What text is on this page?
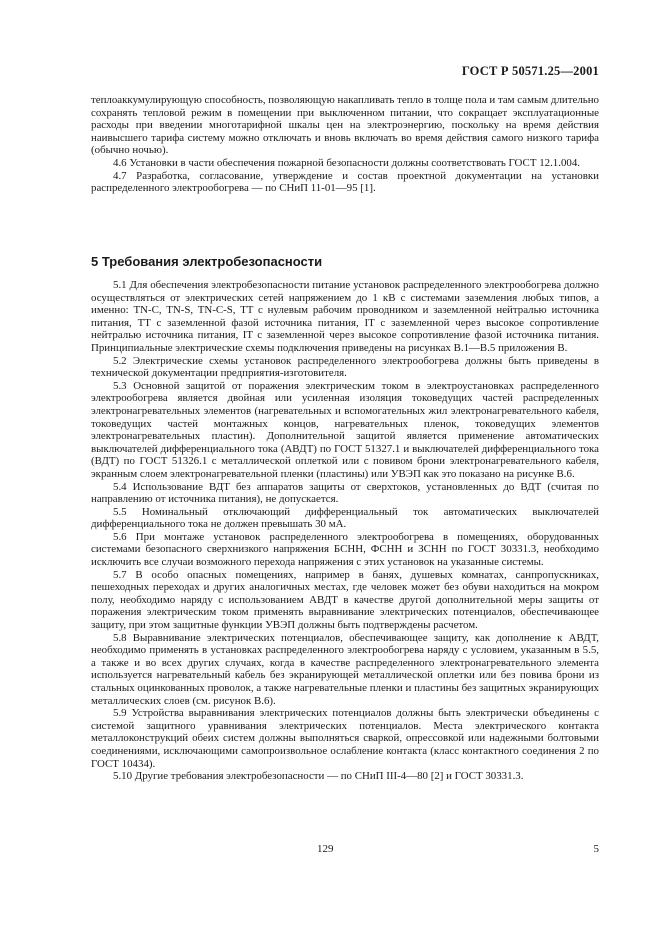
ГОСТ Р 50571.25—2001

теплоаккумулирующую способность, позволяющую накапливать тепло в толще пола и там самым длительно сохранять тепловой режим в помещении при выключенном питании, что сокращает эксплуатационные расходы при введении многотарифной шкалы цен на электроэнергию, поскольку на время действия наивысшего тарифа систему можно отключать и вновь включать во время действия самого низкого тарифа (обычно ночью).

4.6 Установки в части обеспечения пожарной безопасности должны соответствовать ГОСТ 12.1.004.

4.7 Разработка, согласование, утверждение и состав проектной документации на установки распределенного электрообогрева — по СНиП 11-01—95 [1].

5 Требования электробезопасности

5.1 Для обеспечения электробезопасности питание установок распределенного электрообогрева должно осуществляться от электрических сетей напряжением до 1 кВ с системами заземления любых типов, а именно: TN-C, TN-S, TN-C-S, TT с нулевым рабочим проводником и заземленной нейтралью источника питания, TT с заземленной фазой источника питания, IT с заземленной через высокое сопротивление нейтралью источника питания, IT с заземленной через высокое сопротивление фазой источника питания. Принципиальные электрические схемы подключения приведены на рисунках В.1—В.5 приложения В.

5.2 Электрические схемы установок распределенного электрообогрева должны быть приведены в технической документации предприятия-изготовителя.

5.3 Основной защитой от поражения электрическим током в электроустановках распределенного электрообогрева является двойная или усиленная изоляция токоведущих частей распределенных электронагревательных элементов (нагревательных и вспомогательных жил электронагревательного кабеля, токоведущих частей монтажных концов, нагревательных пленок, токоведущих элементов электронагревательных пластин). Дополнительной защитой является применение автоматических выключателей дифференциального тока (АВДТ) по ГОСТ 51327.1 и выключателей дифференциального тока (ВДТ) по ГОСТ 51326.1 с металлической оплеткой или с повивом брони электронагревательного кабеля, экранным слоем электронагревательной пленки (пластины) или УВЭП как это показано на рисунке В.6.

5.4 Использование ВДТ без аппаратов защиты от сверхтоков, установленных до ВДТ (считая по направлению от источника питания), не допускается.

5.5 Номинальный отключающий дифференциальный ток автоматических выключателей дифференциального тока не должен превышать 30 мА.

5.6 При монтаже установок распределенного электрообогрева в помещениях, оборудованных системами безопасного сверхнизкого напряжения БСНН, ФСНН и ЗСНН по ГОСТ 30331.3, необходимо исключить все случаи возможного перехода напряжения с этих установок на указанные системы.

5.7 В особо опасных помещениях, например в банях, душевых комнатах, санпропускниках, пешеходных переходах и других аналогичных местах, где человек может без обуви находиться на мокром полу, необходимо наряду с использованием АВДТ в качестве другой дополнительной меры защиты от поражения электрическим током применять выравнивание электрических потенциалов, обеспечивающее защиту, при этом защитные функции УВЭП должны быть подтверждены расчетом.

5.8 Выравнивание электрических потенциалов, обеспечивающее защиту, как дополнение к АВДТ, необходимо применять в установках распределенного электрообогрева наряду с условием, указанным в 5.5, а также и во всех других случаях, когда в качестве распределенного электронагревательного элемента используется нагревательный кабель без экранирующей металлической оплетки или без повива брони из стальных оцинкованных проволок, а также нагревательные пленки и пластины без защитных экранирующих металлических слоев (см. рисунок В.6).

5.9 Устройства выравнивания электрических потенциалов должны быть электрически объединены с системой защитного уравнивания электрических потенциалов. Места электрического контакта металлоконструкций обеих систем должны выполняться сваркой, опрессовкой или надежными болтовыми соединениями, исключающими самопроизвольное ослабление контакта (класс контактного соединения 2 по ГОСТ 10434).

5.10 Другие требования электробезопасности — по СНиП III-4—80 [2] и ГОСТ 30331.3.

129	5
